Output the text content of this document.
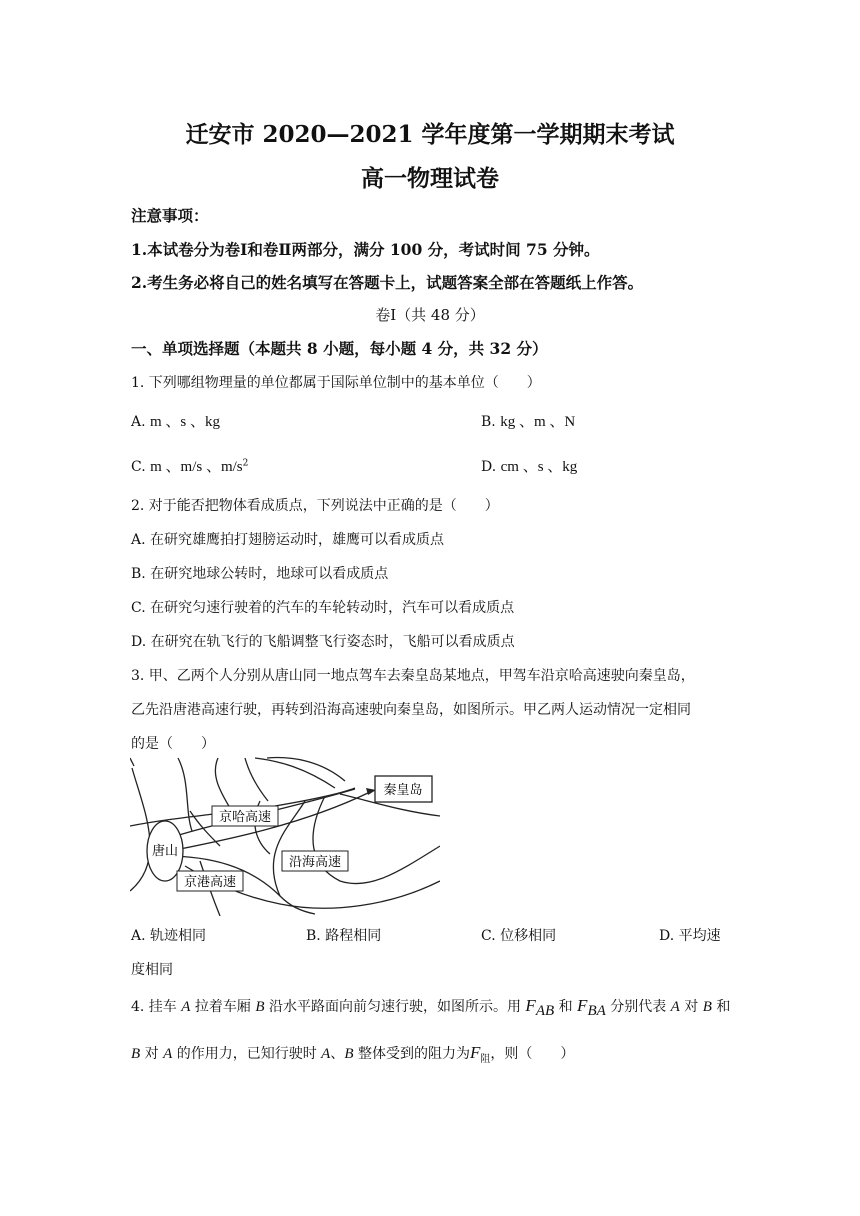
迁安市 2020—2021 学年度第一学期期末考试
高一物理试卷
注意事项：
1.本试卷分为卷Ⅰ和卷Ⅱ两部分，满分 100 分，考试时间 75 分钟。
2.考生务必将自己的姓名填写在答题卡上，试题答案全部在答题纸上作答。
卷Ⅰ（共 48 分）
一、单项选择题（本题共 8 小题，每小题 4 分，共 32 分）
1. 下列哪组物理量的单位都属于国际单位制中的基本单位（　　）
A. m 、s 、kg	B. kg 、m 、N
C. m 、m/s 、$m/s^2$	D. cm 、s 、kg
2. 对于能否把物体看成质点，下列说法中正确的是（　　）
A. 在研究雄鹰拍打翅膀运动时，雄鹰可以看成质点
B. 在研究地球公转时，地球可以看成质点
C. 在研究匀速行驶着的汽车的车轮转动时，汽车可以看成质点
D. 在研究在轨飞行的飞船调整飞行姿态时，飞船可以看成质点
3. 甲、乙两个人分别从唐山同一地点驾车去秦皇岛某地点，甲驾车沿京哈高速驶向秦皇岛，
乙先沿唐港高速行驶，再转到沿海高速驶向秦皇岛，如图所示。甲乙两人运动情况一定相同
的是（　　）
秦皇岛
京哈高速
唐山
沿海高速
京港高速
A. 轨迹相同	B. 路程相同	C. 位移相同	D. 平均速
度相同
4. 挂车 A 拉着车厢 B 沿水平路面向前匀速行驶，如图所示。用 $F_{AB}$ 和 $F_{BA}$ 分别代表 A 对 B 和
B 对 A 的作用力，已知行驶时 A、B 整体受到的阻力为$F_阻$，则（　　）
